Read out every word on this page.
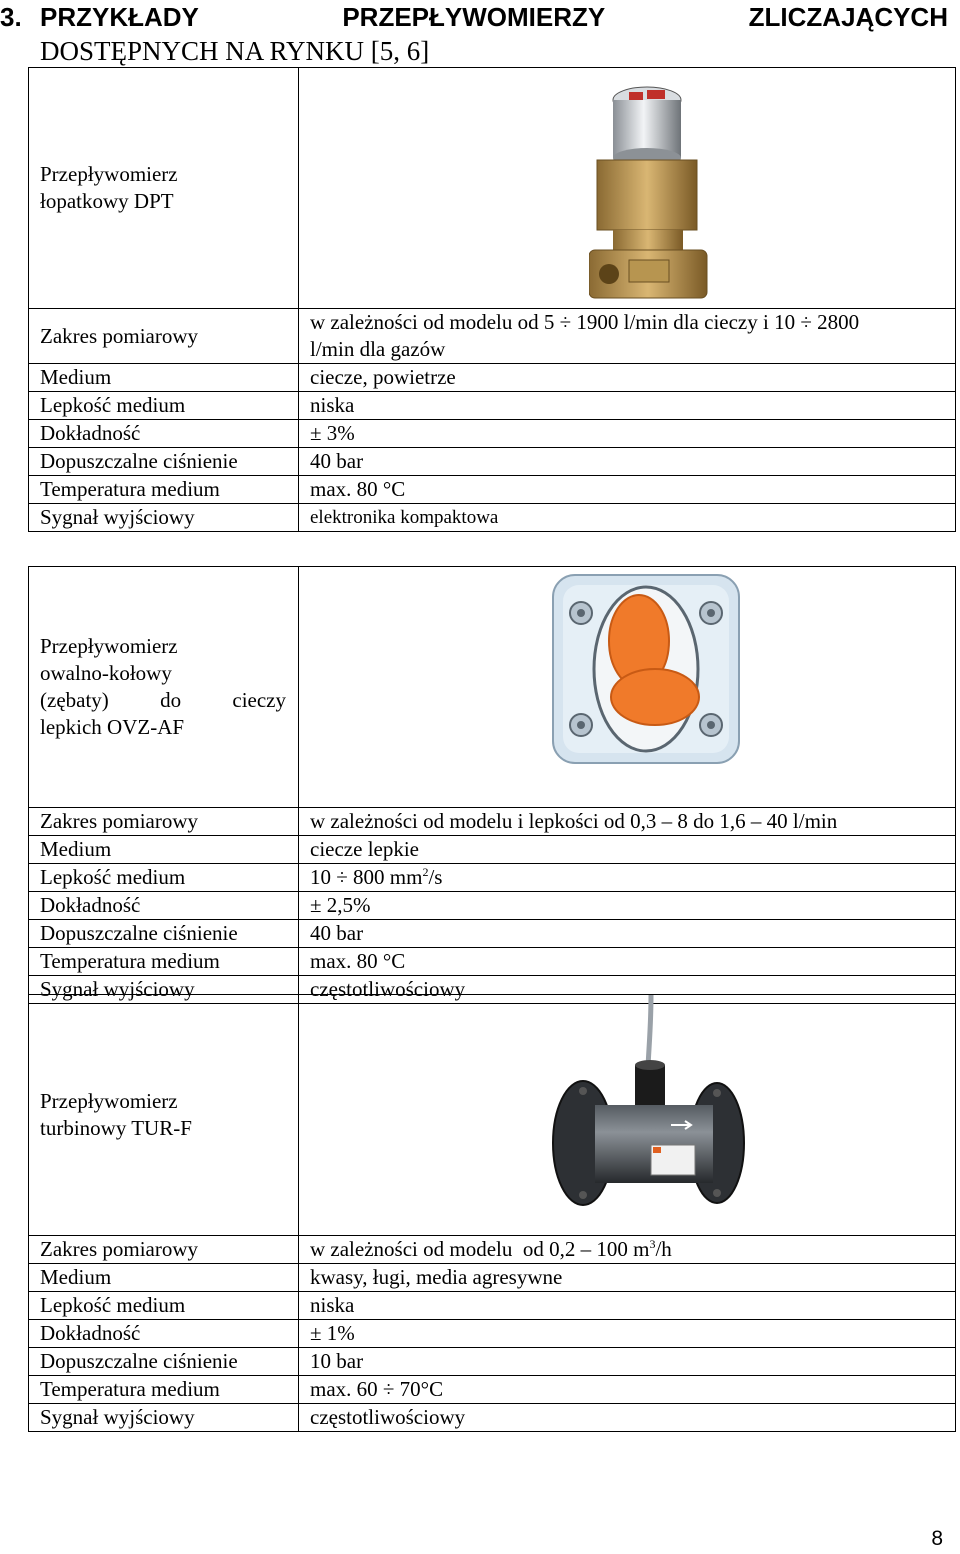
3. PRZYKŁADY	PRZEPŁYWOMIERZY	ZLICZAJĄCYCH
DOSTĘPNYCH NA RYNKU [5, 6]
Przepływomierz
łopatkowy DPT

Zakres pomiarowy	w zależności od modelu od 5 ÷ 1900 l/min dla cieczy i 10 ÷ 2800
l/min dla gazów

Medium	ciecze, powietrze
Lepkość medium	niska
Dokładność	± 3%
Dopuszczalne ciśnienie	40 bar
Temperatura medium	max. 80 °C
Sygnał wyjściowy	elektronika kompaktowa
Przepływomierz
owalno-kołowy
(zębaty) do cieczy
lepkich OVZ-AF

Zakres pomiarowy	w zależności od modelu i lepkości od 0,3 – 8 do 1,6 – 40 l/min
Medium	ciecze lepkie
Lepkość medium	10 ÷ 800 $mm^2/s$
Dokładność	± 2,5%
Dopuszczalne ciśnienie	40 bar
Temperatura medium	max. 80 °C
Sygnał wyjściowy	częstotliwościowy
Przepływomierz
turbinowy TUR-F

Zakres pomiarowy	w zależności od modelu  od 0,2 – 100 $m^3/h$
Medium	kwasy, ługi, media agresywne
Lepkość medium	niska
Dokładność	± 1%
Dopuszczalne ciśnienie	10 bar
Temperatura medium	max. 60 ÷ 70°C
Sygnał wyjściowy	częstotliwościowy
8
